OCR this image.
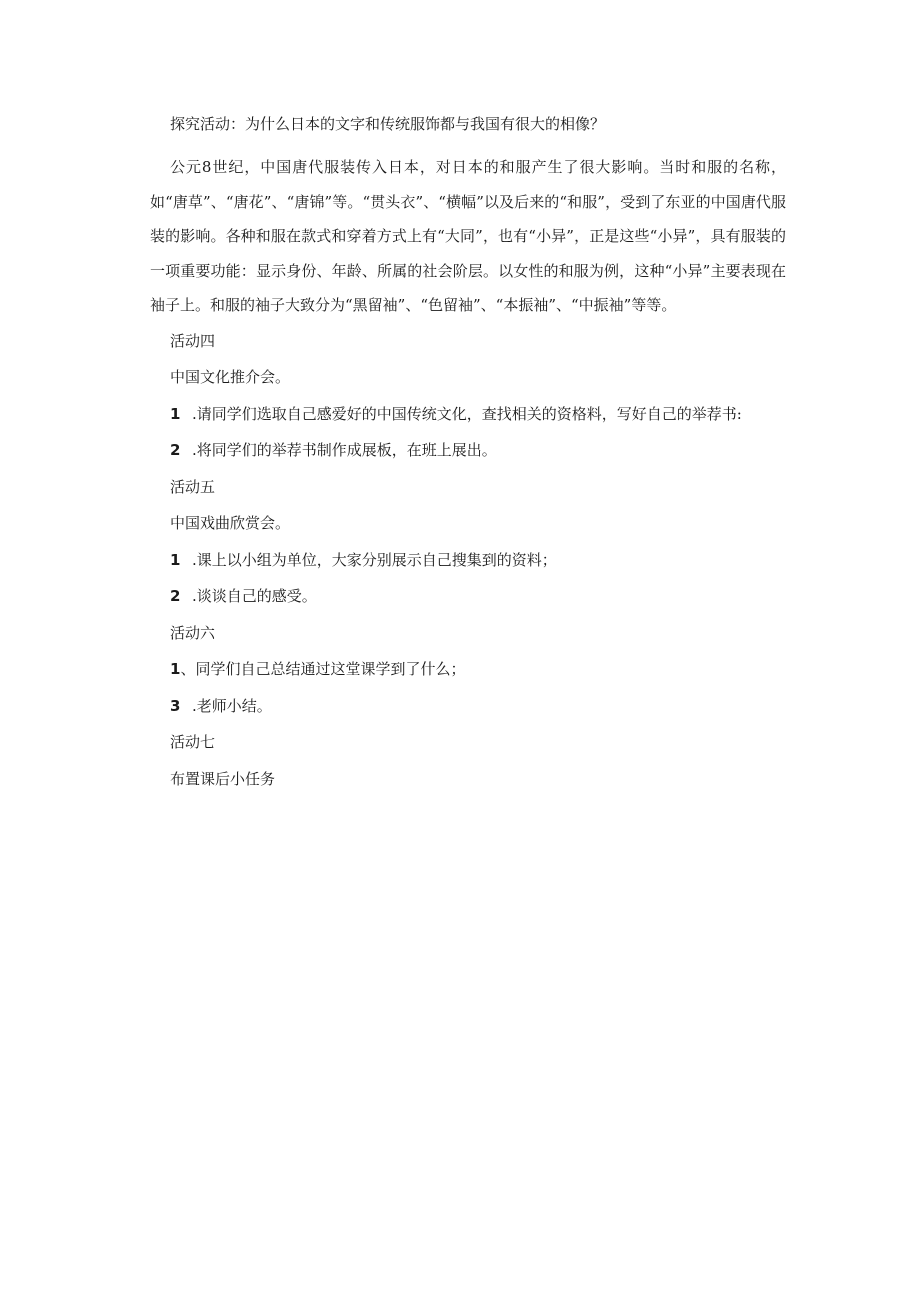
探究活动：为什么日本的文字和传统服饰都与我国有很大的相像？

公元8世纪，中国唐代服装传入日本，对日本的和服产生了很大影响。当时和服的名称，如“唐草”、“唐花”、“唐锦”等。“贯头衣”、“横幅”以及后来的“和服”，受到了东亚的中国唐代服装的影响。各种和服在款式和穿着方式上有“大同”，也有“小异”，正是这些“小异”，具有服装的一项重要功能：显示身份、年龄、所属的社会阶层。以女性的和服为例，这种“小异”主要表现在袖子上。和服的袖子大致分为“黑留袖”、“色留袖”、“本振袖”、“中振袖”等等。

活动四
中国文化推介会。
1 .请同学们选取自己感爱好的中国传统文化，查找相关的资格料，写好自己的举荐书:
2 .将同学们的举荐书制作成展板，在班上展出。
活动五
中国戏曲欣赏会。
1 .课上以小组为单位，大家分别展示自己搜集到的资料；
2 .谈谈自己的感受。
活动六
1、同学们自己总结通过这堂课学到了什么；
3 .老师小结。
活动七
布置课后小任务
